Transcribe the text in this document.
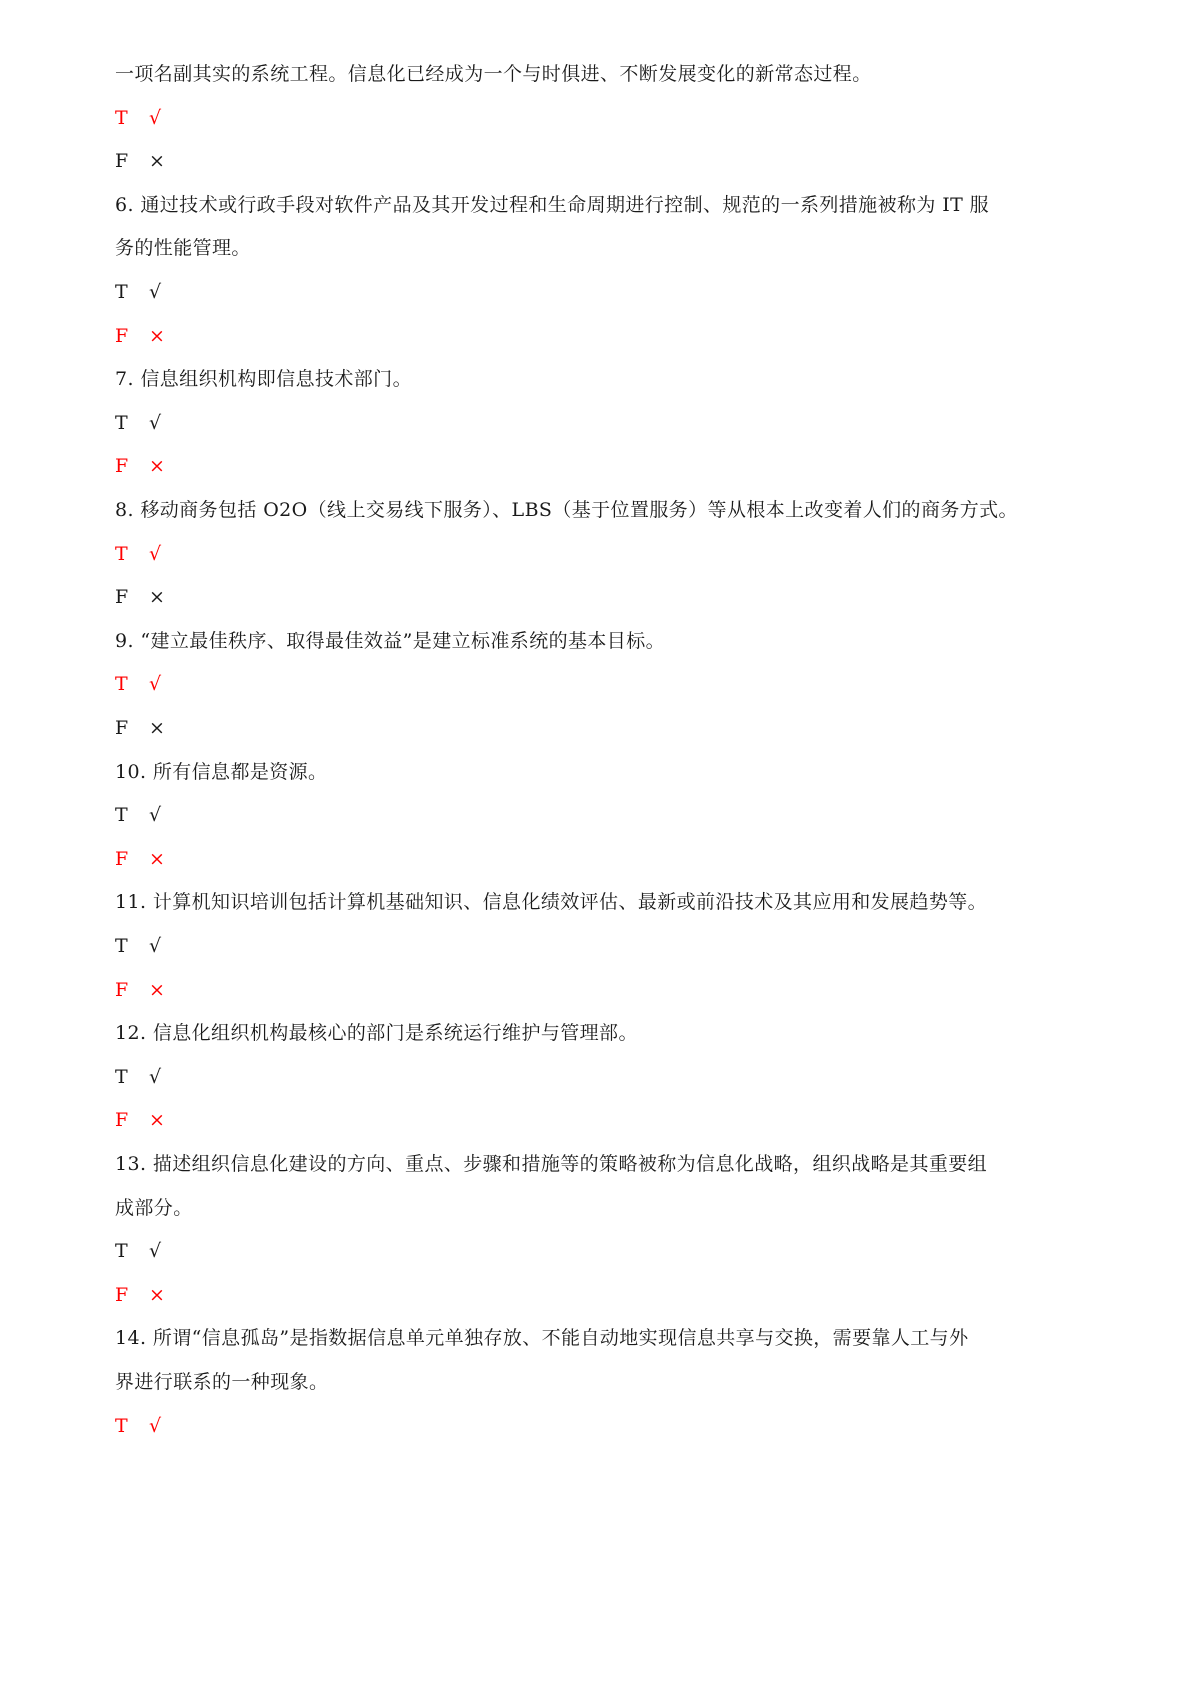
一项名副其实的系统工程。信息化已经成为一个与时俱进、不断发展变化的新常态过程。
T √
F ×
6. 通过技术或行政手段对软件产品及其开发过程和生命周期进行控制、规范的一系列措施被称为 IT 服
务的性能管理。
T √
F ×
7. 信息组织机构即信息技术部门。
T √
F ×
8. 移动商务包括 O2O（线上交易线下服务）、LBS（基于位置服务）等从根本上改变着人们的商务方式。
T √
F ×
9. “建立最佳秩序、取得最佳效益”是建立标准系统的基本目标。
T √
F ×
10. 所有信息都是资源。
T √
F ×
11. 计算机知识培训包括计算机基础知识、信息化绩效评估、最新或前沿技术及其应用和发展趋势等。
T √
F ×
12. 信息化组织机构最核心的部门是系统运行维护与管理部。
T √
F ×
13. 描述组织信息化建设的方向、重点、步骤和措施等的策略被称为信息化战略，组织战略是其重要组
成部分。
T √
F ×
14. 所谓“信息孤岛”是指数据信息单元单独存放、不能自动地实现信息共享与交换，需要靠人工与外
界进行联系的一种现象。
T √
